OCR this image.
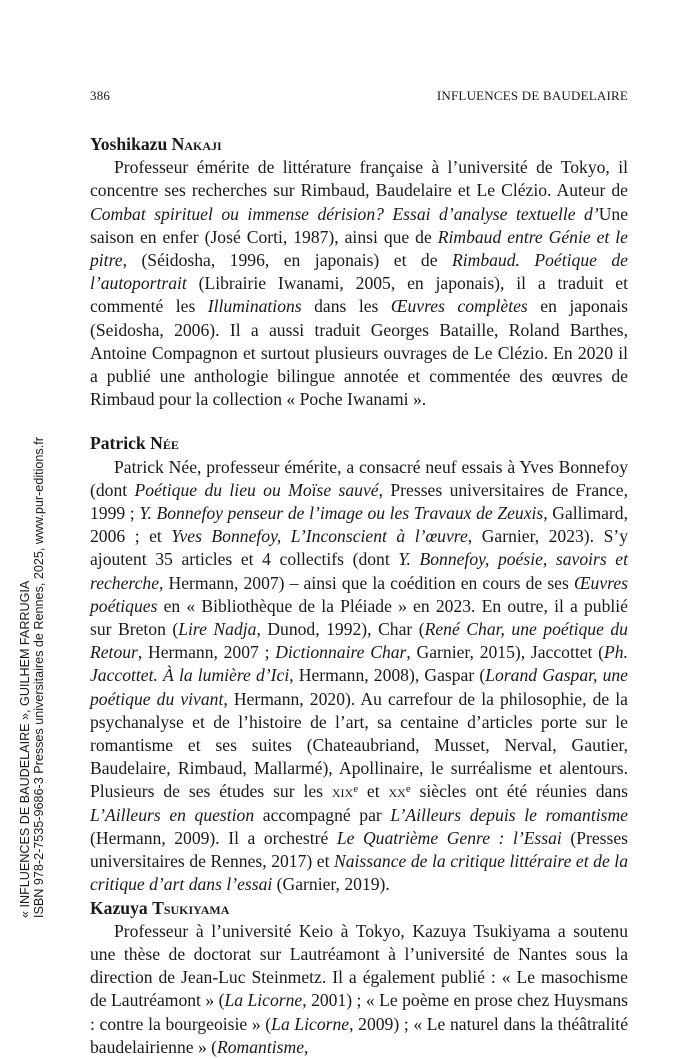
386	INFLUENCES DE BAUDELAIRE
Yoshikazu Nakaji

Professeur émérite de littérature française à l’université de Tokyo, il concentre ses recherches sur Rimbaud, Baudelaire et Le Clézio. Auteur de Combat spirituel ou immense dérision? Essai d’analyse textuelle d’Une saison en enfer (José Corti, 1987), ainsi que de Rimbaud entre Génie et le pitre, (Séidosha, 1996, en japonais) et de Rimbaud. Poétique de l’autoportrait (Librairie Iwanami, 2005, en japonais), il a traduit et commenté les Illuminations dans les Œuvres complètes en japonais (Seidosha, 2006). Il a aussi traduit Georges Bataille, Roland Barthes, Antoine Compagnon et surtout plusieurs ouvrages de Le Clézio. En 2020 il a publié une anthologie bilingue annotée et commentée des œuvres de Rimbaud pour la collection « Poche Iwanami ».

Patrick Née

Patrick Née, professeur émérite, a consacré neuf essais à Yves Bonnefoy (dont Poétique du lieu ou Moïse sauvé, Presses universitaires de France, 1999 ; Y. Bonnefoy penseur de l’image ou les Travaux de Zeuxis, Gallimard, 2006 ; et Yves Bonnefoy, L’Inconscient à l’œuvre, Garnier, 2023). S’y ajoutent 35 articles et 4 collectifs (dont Y. Bonnefoy, poésie, savoirs et recherche, Hermann, 2007) – ainsi que la coédition en cours de ses Œuvres poétiques en « Bibliothèque de la Pléiade » en 2023. En outre, il a publié sur Breton (Lire Nadja, Dunod, 1992), Char (René Char, une poétique du Retour, Hermann, 2007 ; Dictionnaire Char, Garnier, 2015), Jaccottet (Ph. Jaccottet. À la lumière d’Ici, Hermann, 2008), Gaspar (Lorand Gaspar, une poétique du vivant, Hermann, 2020). Au carrefour de la philosophie, de la psychanalyse et de l’histoire de l’art, sa centaine d’articles porte sur le romantisme et ses suites (Chateaubriand, Musset, Nerval, Gautier, Baudelaire, Rimbaud, Mallarmé), Apollinaire, le surréalisme et alentours. Plusieurs de ses études sur les xix$^e$ et $xx^e$ siècles ont été réunies dans L’Ailleurs en question accompagné par L’Ailleurs depuis le romantisme (Hermann, 2009). Il a orchestré Le Quatrième Genre : l’Essai (Presses universitaires de Rennes, 2017) et Naissance de la critique littéraire et de la critique d’art dans l’essai (Garnier, 2019).

Kazuya Tsukiyama

Professeur à l’université Keio à Tokyo, Kazuya Tsukiyama a soutenu une thèse de doctorat sur Lautréamont à l’université de Nantes sous la direction de Jean-Luc Steinmetz. Il a également publié : « Le masochisme de Lautréamont » (La Licorne, 2001) ; « Le poème en prose chez Huysmans : contre la bourgeoisie » (La Licorne, 2009) ; « Le naturel dans la théâtralité baudelairienne » (Romantisme,

« INFLUENCES DE BAUDELAIRE », GUILHEM FARRUGIA ISBN 978-2-7535-9686-3 Presses universitaires de Rennes, 2025, www.pur-editions.fr
